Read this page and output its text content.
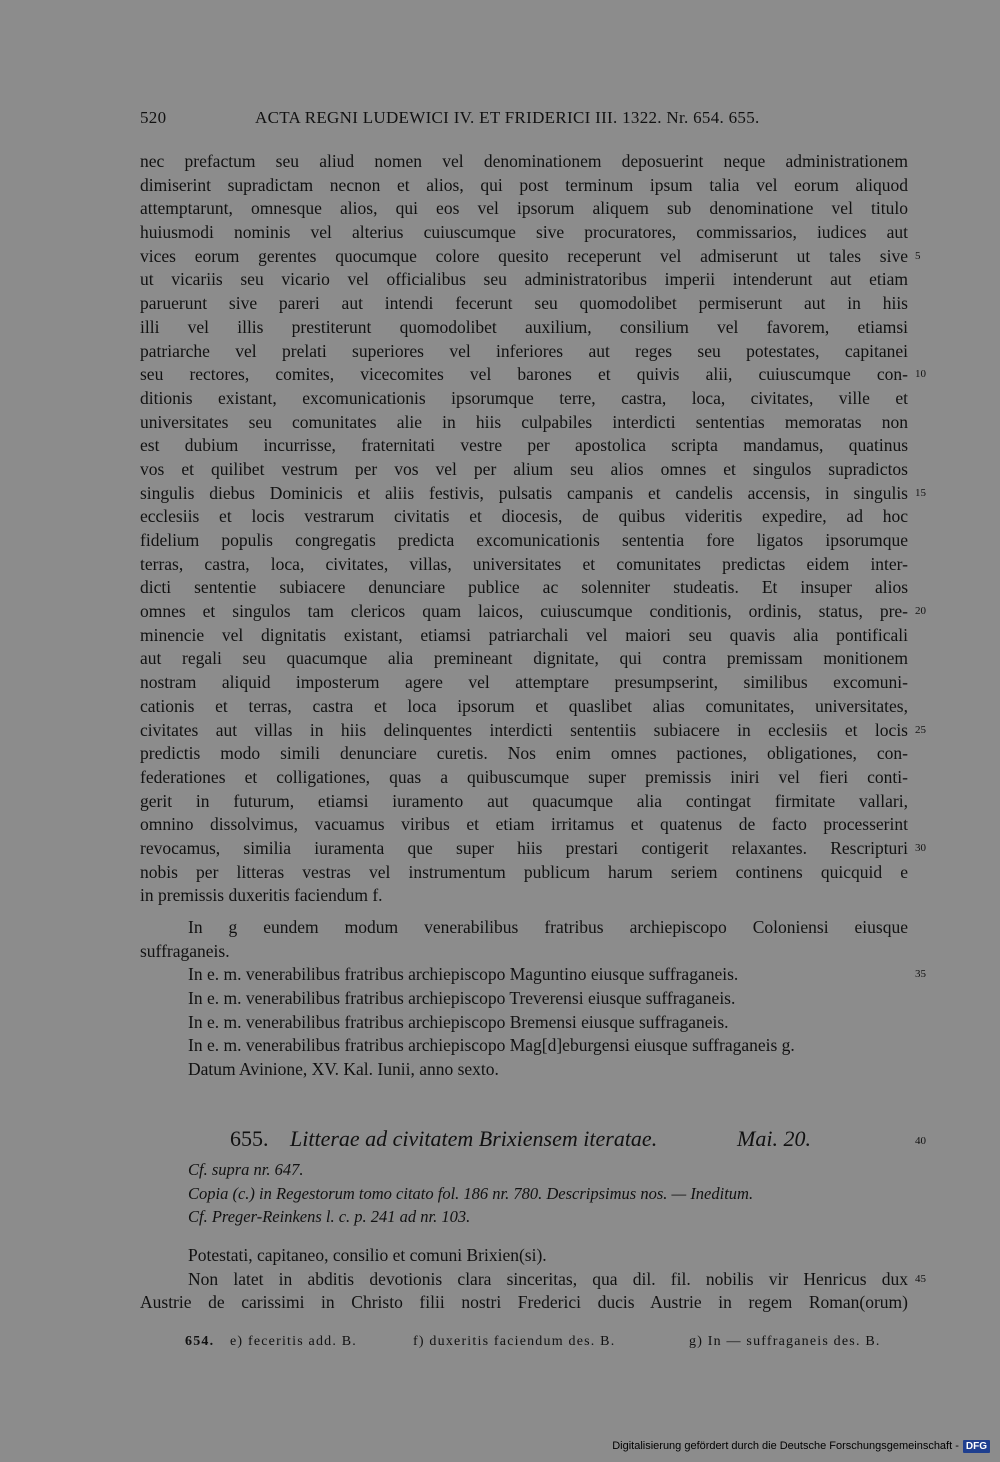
520	ACTA REGNI LUDEWICI IV. ET FRIDERICI III. 1322. Nr. 654. 655.
nec prefactum seu aliud nomen vel denominationem deposuerint neque administrationem
dimiserint supradictam necnon et alios, qui post terminum ipsum talia vel eorum aliquod
attemptarunt, omnesque alios, qui eos vel ipsorum aliquem sub denominatione vel titulo
huiusmodi nominis vel alterius cuiuscumque sive procuratores, commissarios, iudices aut
vices eorum gerentes quocumque colore quesito receperunt vel admiserunt ut tales sive 5
ut vicariis seu vicario vel officialibus seu administratoribus imperii intenderunt aut etiam
paruerunt sive pareri aut intendi fecerunt seu quomodolibet permiserunt aut in hiis
illi vel illis prestiterunt quomodolibet auxilium, consilium vel favorem, etiamsi
patriarche vel prelati superiores vel inferiores aut reges seu potestates, capitanei
seu rectores, comites, vicecomites vel barones et quivis alii, cuiuscumque con- 10
ditionis existant, excomunicationis ipsorumque terre, castra, loca, civitates, ville et
universitates seu comunitates alie in hiis culpabiles interdicti sententias memoratas non
est dubium incurrisse, fraternitati vestre per apostolica scripta mandamus, quatinus
vos et quilibet vestrum per vos vel per alium seu alios omnes et singulos supradictos
singulis diebus Dominicis et aliis festivis, pulsatis campanis et candelis accensis, in singulis 15
ecclesiis et locis vestrarum civitatis et diocesis, de quibus videritis expedire, ad hoc
fidelium populis congregatis predicta excomunicationis sententia fore ligatos ipsorumque
terras, castra, loca, civitates, villas, universitates et comunitates predictas eidem inter-
dicti sententie subiacere denunciare publice ac solenniter studeatis. Et insuper alios
omnes et singulos tam clericos quam laicos, cuiuscumque conditionis, ordinis, status, pre- 20
minencie vel dignitatis existant, etiamsi patriarchali vel maiori seu quavis alia pontificali
aut regali seu quacumque alia premineant dignitate, qui contra premissam monitionem
nostram aliquid imposterum agere vel attemptare presumpserint, similibus excomuni-
cationis et terras, castra et loca ipsorum et quaslibet alias comunitates, universitates,
civitates aut villas in hiis delinquentes interdicti sententiis subiacere in ecclesiis et locis 25
predictis modo simili denunciare curetis. Nos enim omnes pactiones, obligationes, con-
federationes et colligationes, quas a quibuscumque super premissis iniri vel fieri conti-
gerit in futurum, etiamsi iuramento aut quacumque alia contingat firmitate vallari,
omnino dissolvimus, vacuamus viribus et etiam irritamus et quatenus de facto processerint
revocamus, similia iuramenta que super hiis prestari contigerit relaxantes. Rescripturi 30
nobis per litteras vestras vel instrumentum publicum harum seriem continens quicquid e
in premissis duxeritis faciendum f.
In g eundem modum venerabilibus fratribus archiepiscopo Coloniensi eiusque
suffraganeis.
In e. m. venerabilibus fratribus archiepiscopo Maguntino eiusque suffraganeis.	35
In e. m. venerabilibus fratribus archiepiscopo Treverensi eiusque suffraganeis.
In e. m. venerabilibus fratribus archiepiscopo Bremensi eiusque suffraganeis.
In e. m. venerabilibus fratribus archiepiscopo Mag[d]eburgensi eiusque suffraganeis g.
Datum Avinione, XV. Kal. Iunii, anno sexto.
655. Litterae ad civitatem Brixiensem iteratae.	Mai. 20.	40
Cf. supra nr. 647.
Copia (c.) in Regestorum tomo citato fol. 186 nr. 780. Descripsimus nos. — Ineditum.
Cf. Preger-Reinkens l. c. p. 241 ad nr. 103.
Potestati, capitaneo, consilio et comuni Brixien(si).
Non latet in abditis devotionis clara sinceritas, qua dil. fil. nobilis vir Henricus dux 45
Austrie de carissimi in Christo filii nostri Frederici ducis Austrie in regem Roman(orum)
654. e) feceritis add. B.	f) duxeritis faciendum des. B.	g) In — suffraganeis des. B.
Digitalisierung gefördert durch die Deutsche Forschungsgemeinschaft - DFG
